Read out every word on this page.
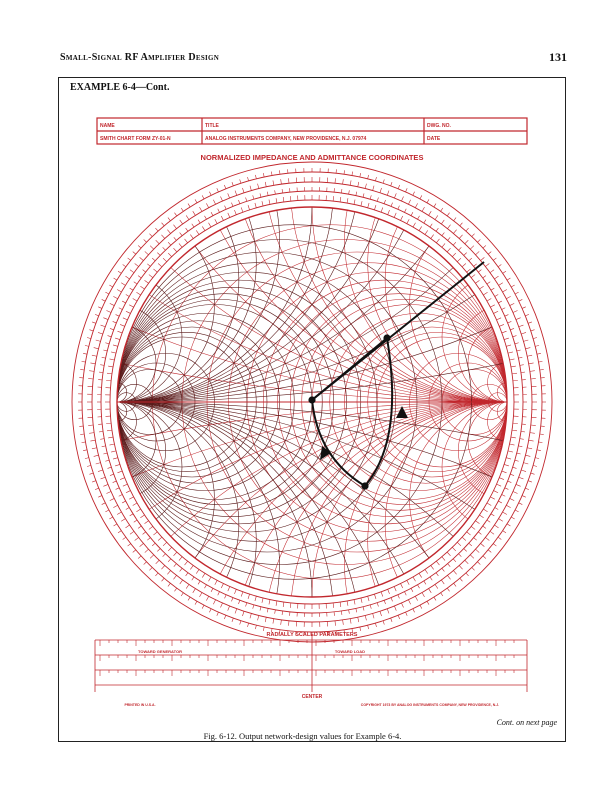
Small-Signal RF Amplifier Design	131
EXAMPLE 6-4—Cont.
NAME	TITLE	DWG. NO.
SMITH CHART FORM ZY-01-N	ANALOG INSTRUMENTS COMPANY, NEW PROVIDENCE, N.J. 07974	DATE
NORMALIZED IMPEDANCE AND ADMITTANCE COORDINATES
RADIALLY SCALED PARAMETERS
TOWARD GENERATOR	TOWARD LOAD
CENTER
PRINTED IN U.S.A.	COPYRIGHT 1973 BY ANALOG INSTRUMENTS COMPANY, NEW PROVIDENCE, N.J.
Cont. on next page
Fig. 6-12. Output network-design values for Example 6-4.
